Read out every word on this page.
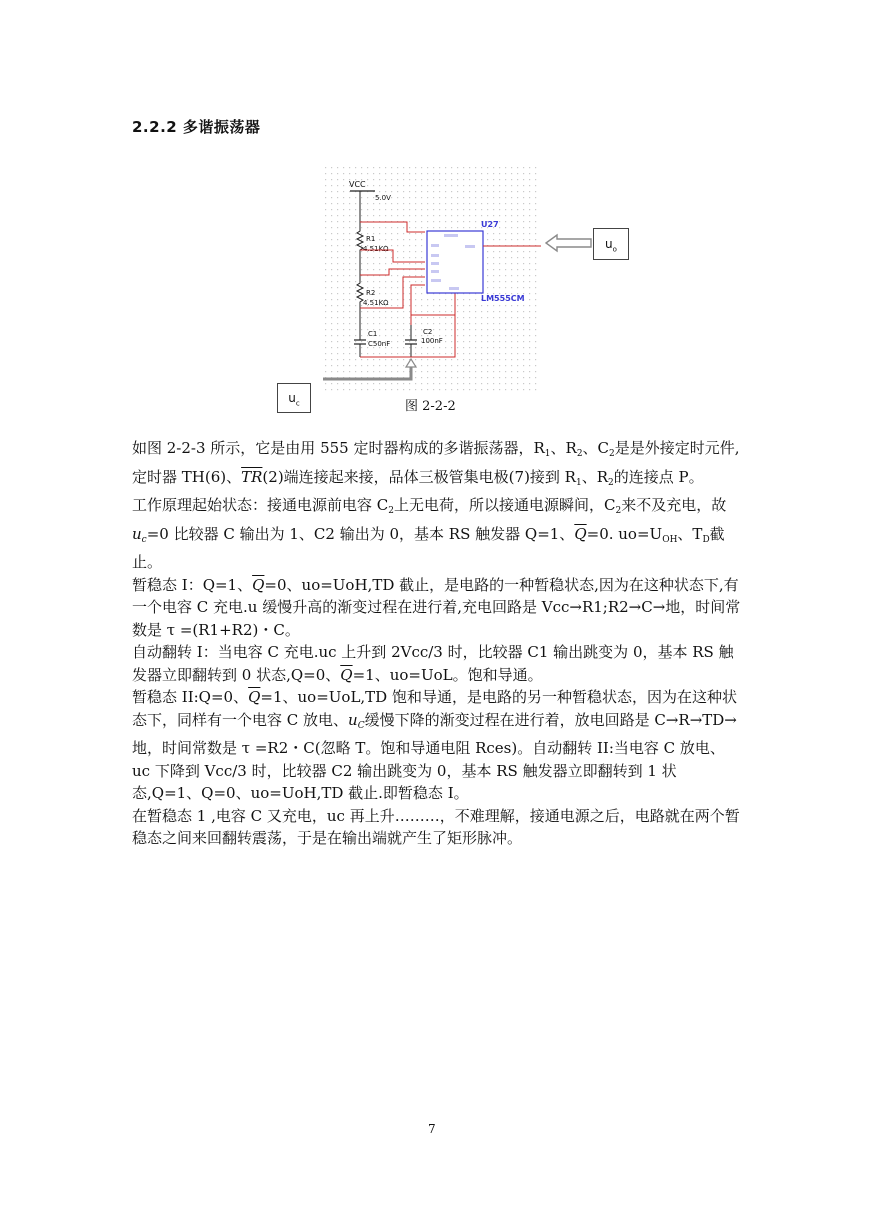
2.2.2 多谐振荡器
VCC
5.0V
R1
4.51KΩ
R2
4.51KΩ
U27
LM555CM
C1
C50nF
C2
100nF
$u_o$
$u_c$	图 2-2-2

如图 2-2-3 所示，它是由用 555 定时器构成的多谐振荡器，$R_1$、$R_2$、$C_2$是是外接定时元件,定时器 TH(6)、$\overline{TR}(2)$端连接起来接，品体三极管集电极(7)接到 $R_1$、$R_2$的连接点 P。

工作原理起始状态：接通电源前电容 $C_2$上无电荷，所以接通电源瞬间，$C_2$来不及充电，故$u_c=0$ 比较器 C 输出为 1、C2 输出为 0，基本 RS 触发器 Q=1、$\overline{Q}=0$. $uo=U_{OH}$、$T_D$截止。

暂稳态 I：Q=1、$\overline{Q}=0$、uo=UoH,TD 截止，是电路的一种暂稳状态,因为在这种状态下,有一个电容 C 充电.u 缓慢升高的渐变过程在进行着,充电回路是 Vcc→R1;R2→C→地，时间常数是 τ =(R1+R2)・C。

自动翻转 I：当电容 C 充电.uc 上升到 2Vcc/3 时，比较器 C1 输出跳变为 0，基本 RS 触发器立即翻转到 0 状态,Q=0、$\overline{Q}=1$、uo=UoL。饱和导通。

暂稳态 II:Q=0、$\overline{Q}=1$、uo=UoL,TD 饱和导通，是电路的另一种暂稳状态，因为在这种状态下，同样有一个电容 C 放电、$u_C$缓慢下降的渐变过程在进行着，放电回路是 C→R→TD→地，时间常数是 τ =R2・C(忽略 T。饱和导通电阻 Rces)。自动翻转 II:当电容 C 放电、uc 下降到 Vcc/3 时，比较器 C2 输出跳变为 0，基本 RS 触发器立即翻转到 1 状态,Q=1、Q=0、uo=UoH,TD 截止.即暂稳态 I。

在暂稳态 1 ,电容 C 又充电，uc 再上升………，不难理解，接通电源之后，电路就在两个暂稳态之间来回翻转震荡，于是在输出端就产生了矩形脉冲。

7
